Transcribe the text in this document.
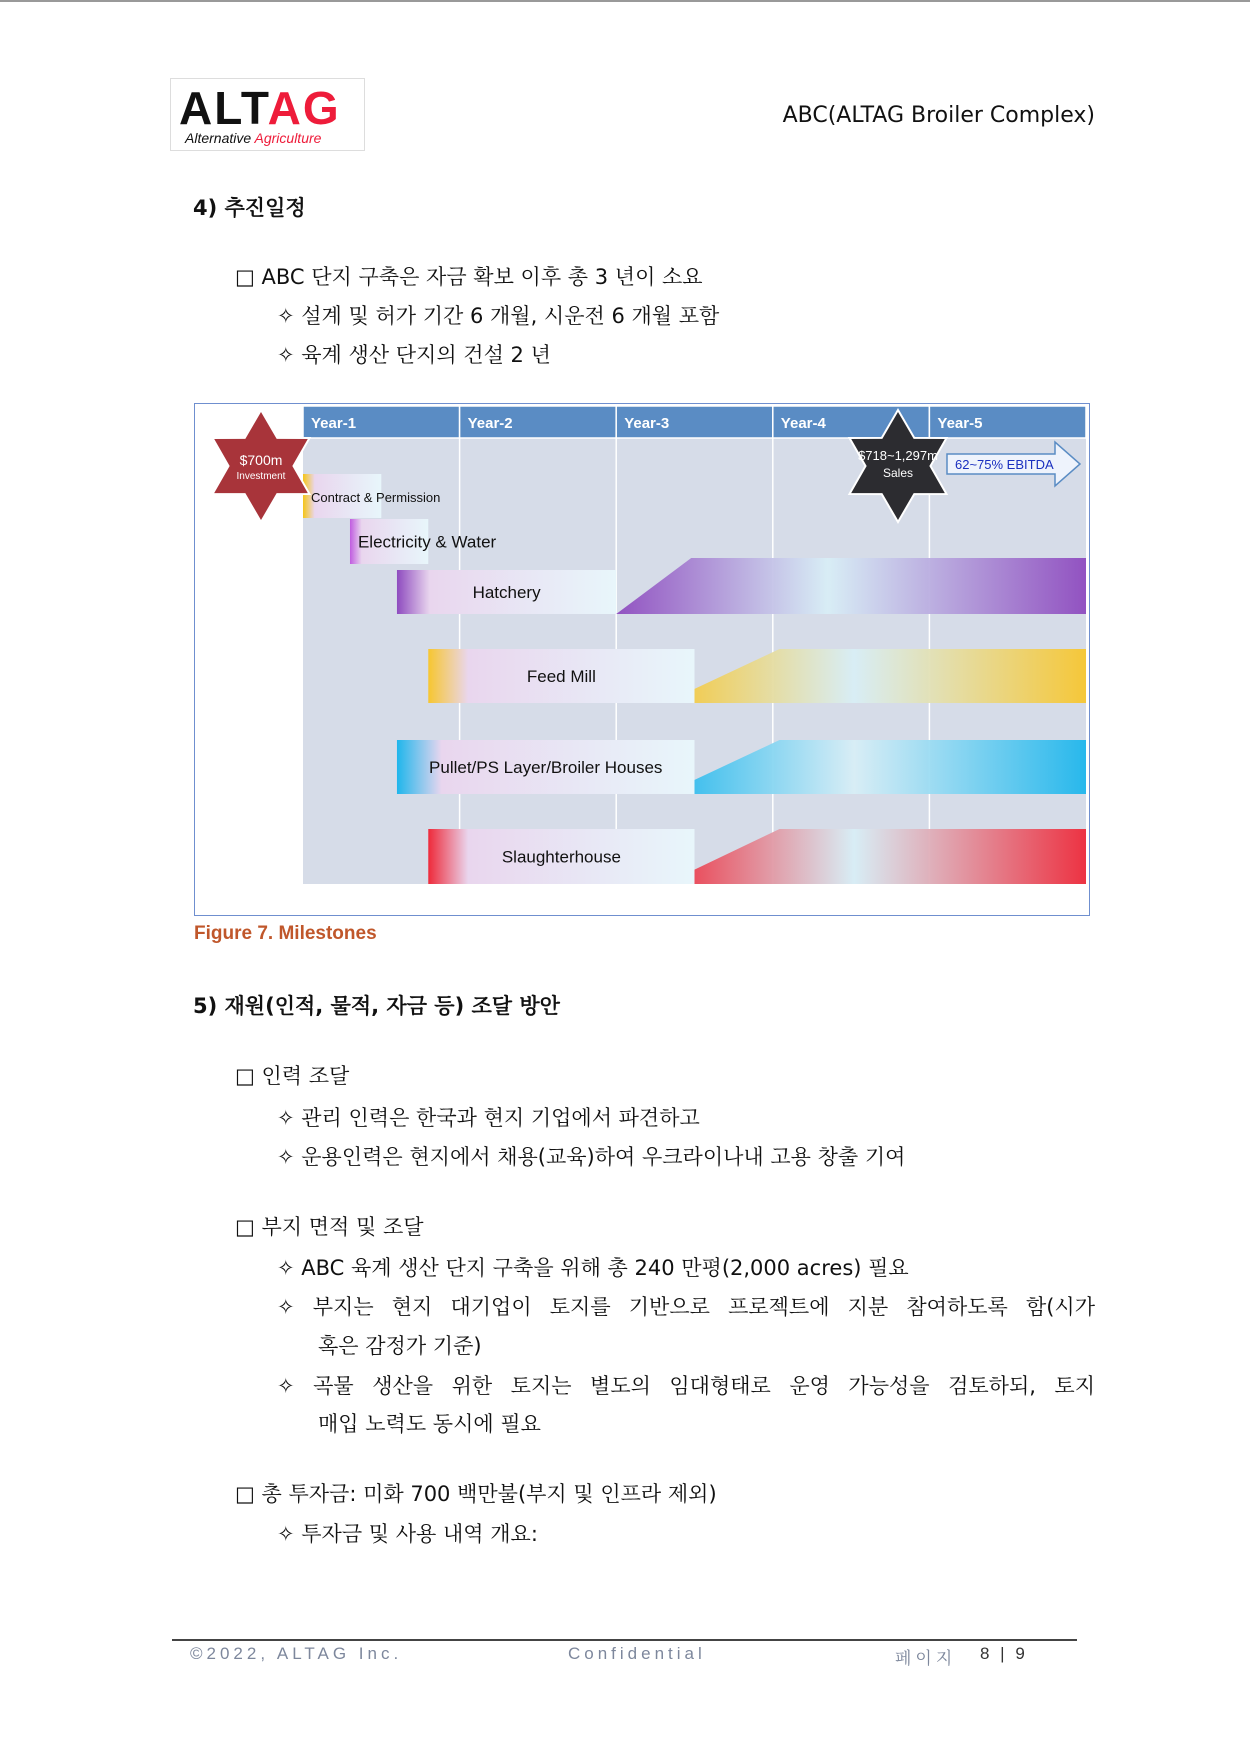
ALTAG
Alternative Agriculture
ABC(ALTAG Broiler Complex)
4) 추진일정
□ ABC 단지 구축은 자금 확보 이후 총 3 년이 소요
✧ 설계 및 허가 기간 6 개월, 시운전 6 개월 포함
✧ 육계 생산 단지의 건설 2 년
Year-1	Year-2	Year-3	Year-4	Year-5
Contract & Permission
Electricity & Water
Hatchery
Feed Mill
Pullet/PS Layer/Broiler Houses
Slaughterhouse
$700m
Investment
$718~1,297m
Sales
62~75% EBITDA
Figure 7. Milestones
5) 재원(인적, 물적, 자금 등) 조달 방안
□ 인력 조달
✧ 관리 인력은 한국과 현지 기업에서 파견하고
✧ 운용인력은 현지에서 채용(교육)하여 우크라이나내 고용 창출 기여
□ 부지 면적 및 조달
✧ ABC 육계 생산 단지 구축을 위해 총 240 만평(2,000 acres) 필요
✧ 부지는 현지 대기업이 토지를 기반으로 프로젝트에 지분 참여하도록 함(시가
혹은 감정가 기준)
✧ 곡물 생산을 위한 토지는 별도의 임대형태로 운영 가능성을 검토하되, 토지
매입 노력도 동시에 필요
□ 총 투자금: 미화 700 백만불(부지 및 인프라 제외)
✧ 투자금 및 사용 내역 개요:
©2022, ALTAG Inc.	Confidential	페이지 8 | 9
